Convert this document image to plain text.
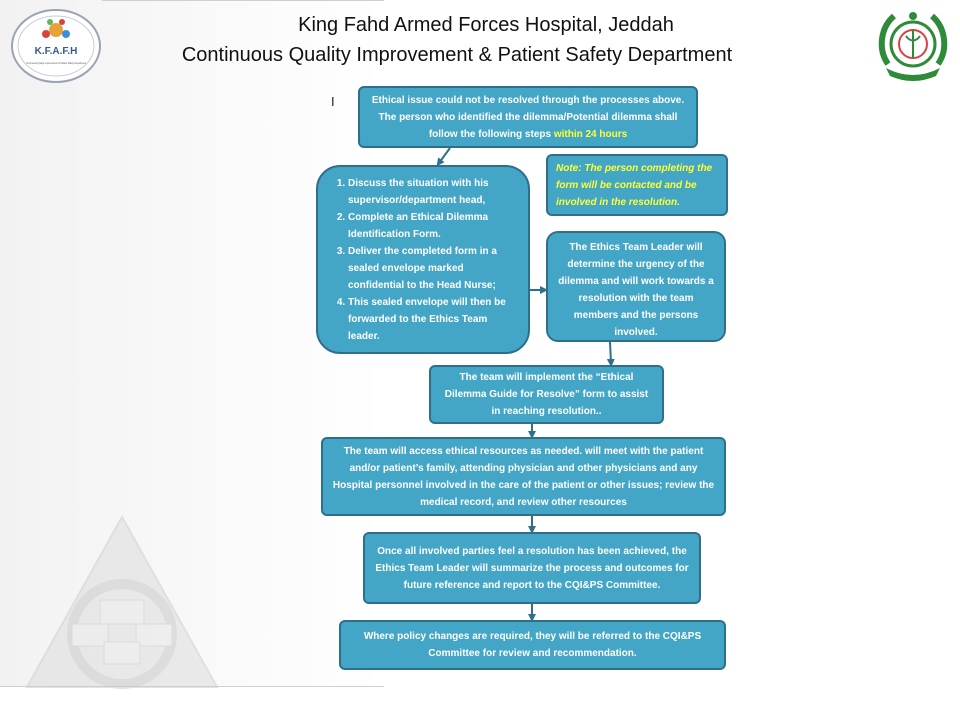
K.F.A.F.H
Continuous Quality Improvement & Patient Safety Department
King Fahd Armed Forces Hospital, Jeddah
Continuous Quality Improvement & Patient Safety Department
I	Ethical issue could not be resolved through the processes above. The person who identified the dilemma/Potential dilemma shall follow the following steps within 24 hours
1. Discuss the situation with his supervisor/department head,
2. Complete an Ethical Dilemma Identification Form.
3. Deliver the completed form in a sealed envelope marked confidential to the Head Nurse;
4. This sealed envelope will then be forwarded to the Ethics Team leader.
Note: The person completing the form will be contacted and be involved in the resolution.
The Ethics Team Leader will determine the urgency of the dilemma and will work towards a resolution with the team members and the persons involved.
The team will implement the “Ethical Dilemma Guide for Resolve” form to assist in reaching resolution..
The team will access ethical resources as needed. will meet with the patient and/or patient’s family, attending physician and other physicians and any Hospital personnel involved in the care of the patient or other issues; review the medical record, and review other resources
Once all involved parties feel a resolution has been achieved, the Ethics Team Leader will summarize the process and outcomes for future reference and report to the CQI&PS Committee.
Where policy changes are required, they will be referred to the CQI&PS Committee for review and recommendation.
